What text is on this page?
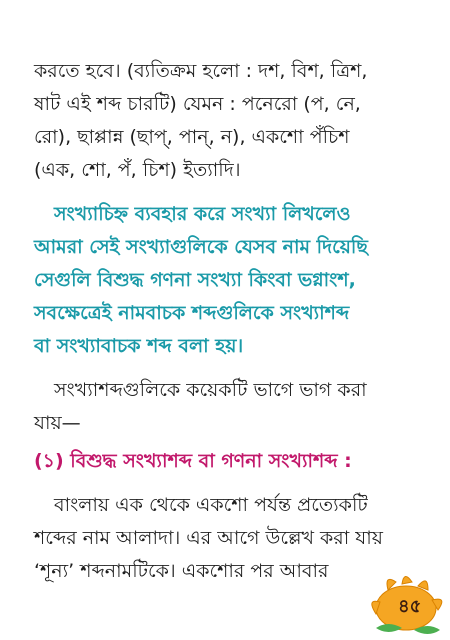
করতে হবে। (ব্যতিক্রম হলো : দশ, বিশ, ত্রিশ,
ষাট এই শব্দ চারটি) যেমন : পনেরো (প, নে,
রো), ছাপ্পান্ন (ছাপ্, পান্, ন), একশো পঁচিশ
(এক, শো, পঁ, চিশ) ইত্যাদি।
সংখ্যাচিহ্ন ব্যবহার করে সংখ্যা লিখলেও
আমরা সেই সংখ্যাগুলিকে যেসব নাম দিয়েছি
সেগুলি বিশুদ্ধ গণনা সংখ্যা কিংবা ভগ্নাংশ,
সবক্ষেত্রেই নামবাচক শব্দগুলিকে সংখ্যাশব্দ
বা সংখ্যাবাচক শব্দ বলা হয়।
সংখ্যাশব্দগুলিকে কয়েকটি ভাগে ভাগ করা
যায়—
(১) বিশুদ্ধ সংখ্যাশব্দ বা গণনা সংখ্যাশব্দ :
বাংলায় এক থেকে একশো পর্যন্ত প্রত্যেকটি
শব্দের নাম আলাদা। এর আগে উল্লেখ করা যায়
‘শূন্য’ শব্দনামটিকে। একশোর পর আবার
৪৫
